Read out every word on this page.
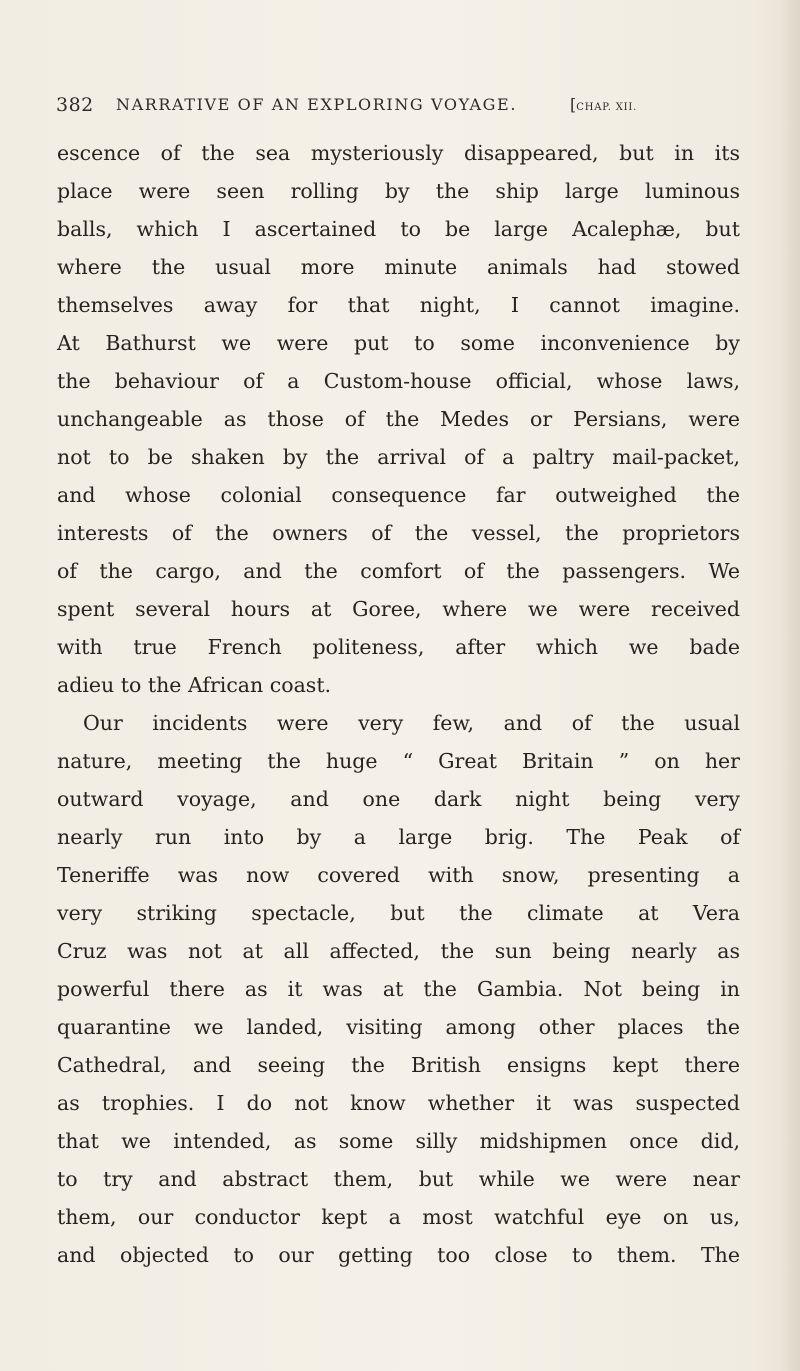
382 NARRATIVE OF AN EXPLORING VOYAGE.	[CHAP. XII.
escence of the sea mysteriously disappeared, but in its
place were seen rolling by the ship large luminous
balls, which I ascertained to be large Acalephæ, but
where the usual more minute animals had stowed
themselves away for that night, I cannot imagine.
At Bathurst we were put to some inconvenience by
the behaviour of a Custom-house official, whose laws,
unchangeable as those of the Medes or Persians, were
not to be shaken by the arrival of a paltry mail-packet,
and whose colonial consequence far outweighed the
interests of the owners of the vessel, the proprietors
of the cargo, and the comfort of the passengers. We
spent several hours at Goree, where we were received
with true French politeness, after which we bade
adieu to the African coast.
Our incidents were very few, and of the usual
nature, meeting the huge “ Great Britain ” on her
outward voyage, and one dark night being very
nearly run into by a large brig. The Peak of
Teneriffe was now covered with snow, presenting a
very striking spectacle, but the climate at Vera
Cruz was not at all affected, the sun being nearly as
powerful there as it was at the Gambia. Not being in
quarantine we landed, visiting among other places the
Cathedral, and seeing the British ensigns kept there
as trophies. I do not know whether it was suspected
that we intended, as some silly midshipmen once did,
to try and abstract them, but while we were near
them, our conductor kept a most watchful eye on us,
and objected to our getting too close to them. The
